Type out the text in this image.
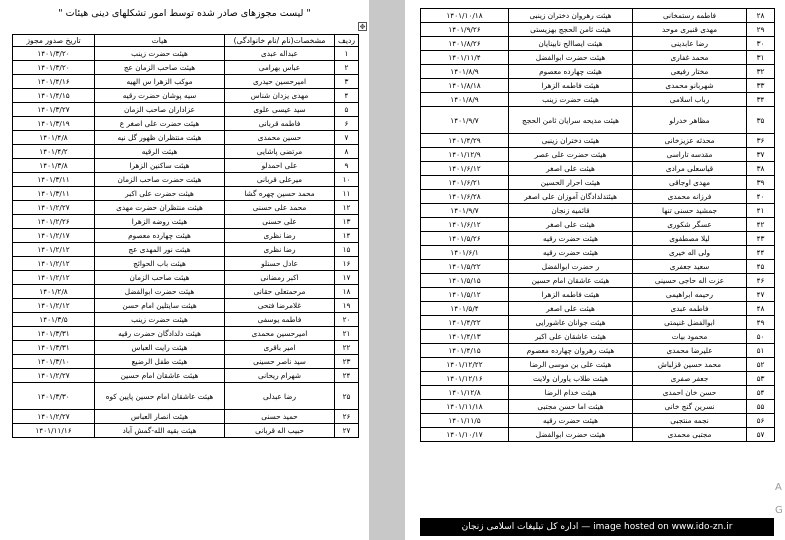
" لیست مجوزهای صادر شده توسط امور تشکلهای دینی هیئات "
✥
ردیف	مشخصات(نام /نام خانوادگی)	هیات	تاریخ صدور مجوز
۱	عبداله عبدی	هیئت حضرت زینب	۱۴۰۱/۳/۲۰
۲	عباس بهرامی	هیئت صاحب الزمان عج	۱۴۰۱/۳/۲۰
۳	امیرحسین حیدری	موکب الزهرا س الهیه	۱۴۰۱/۴/۱۶
۴	مهدی یزدان شناس	سیه پوشان حضرت رقیه	۱۴۰۱/۴/۱۵
۵	سید عیسی علوی	عزاداران صاحب الزمان	۱۴۰۱/۳/۲۷
۶	فاطمه قربانی	هیئت حضرت علی اصغر ع	۱۴۰۱/۳/۱۹
۷	حسین محمدی	هیئت منتظران ظهور گل نیه	۱۴۰۱/۴/۸
۸	مرتضی پاشایی	هیئت الرقیه	۱۴۰۱/۴/۲
۹	علی احمدلو	هیئت ساکنین الزهرا	۱۴۰۱/۳/۸
۱۰	میرعلی قربانی	هیئت حضرت صاحب الزمان	۱۴۰۱/۳/۱۱
۱۱	محمد حسین چهره گشا	هیئت حضرت علی اکبر	۱۴۰۱/۳/۱۱
۱۲	محمد علی حسنی	هیئت منتظران حضرت مهدی	۱۴۰۱/۲/۲۷
۱۳	علی حسنی	هیئت روضه الزهرا	۱۴۰۱/۲/۲۶
۱۴	رضا نظری	هیئت چهارده معصوم	۱۴۰۱/۲/۱۷
۱۵	رضا نظری	هیئت نور المهدی عج	۱۴۰۱/۲/۱۲
۱۶	عادل حسنلو	هیئت باب الحوائج	۱۴۰۱/۲/۱۲
۱۷	اکبر رمضانی	هیئت صاحب الزمان	۱۴۰۱/۲/۱۲
۱۸	مرحمتعلی حقانی	هیئت حضرت ابوالفضل	۱۴۰۱/۲/۸
۱۹	غلامرضا فتحی	هیئت سایتلین امام حسن	۱۴۰۱/۲/۱۲
۲۰	فاطمه یوسفی	هیئت حضرت زینب	۱۴۰۱/۳/۵
۲۱	امیرحسین محمدی	هیئت دلدادگان حضرت رقیه	۱۴۰۱/۳/۳۱
۲۲	امیر باقری	هیئت رایت العباس	۱۴۰۱/۳/۳۱
۲۳	سید ناصر حسینی	هیئت طفل الرضیع	۱۴۰۱/۳/۱۰
۲۴	شهرام ریحانی	هیئت عاشقان امام حسین	۱۴۰۱/۲/۲۷
۲۵	رضا عبدلی	هیئت عاشقان امام حسین پایین کوه	۱۴۰۱/۳/۳۰
۲۶	حمید حسنی	هیئت انصار العباس	۱۴۰۱/۲/۲۷
۲۷	حبیب اله قربانی	هیئت بقیه الله-گمش آباد	۱۴۰۱/۱۱/۱۶
۲۸	فاطمه رستمخانی	هیئت رهروان دختران زینبی	۱۴۰۱/۱۰/۱۸
۲۹	مهدی قنبری موحد	هیئت ثامن الحجج بهزیستی	۱۴۰۱/۹/۲۶
۳۰	رضا عابدینی	هیئت ایصاالح نابینایان	۱۴۰۱/۸/۲۶
۳۱	محمد غفاری	هیئت حضرت ابوالفضل	۱۴۰۱/۱۱/۴
۳۲	مختار رفیعی	هیئت چهارده معصوم	۱۴۰۱/۸/۹
۳۳	شهربانو محمدی	هیئت فاطمه الزهرا	۱۴۰۱/۸/۱۸
۳۴	رباب اسلامی	هیئت حضرت زینب	۱۴۰۱/۸/۹
۳۵	مظاهر خدرلو	هیئت مدیحه سرایان ثامن الحجج	۱۴۰۱/۹/۷
۳۶	محدثه عزیزخانی	هیئت دختران زینبی	۱۴۰۱/۴/۲۹
۳۷	مقدسه تاراسی	هیئت حضرت علی عصر	۱۴۰۱/۱۲/۹
۳۸	قیاسعلی مرادی	هیئت علی اصغر	۱۴۰۱/۶/۱۲
۳۹	مهدی اوجاقی	هیئت احرار الحسین	۱۴۰۱/۶/۲۱
۴۰	فرزانه محمدی	هیئتدلدادگان آموزان علی اصغر	۱۴۰۱/۶/۲۸
۴۱	جمشید حسنی تنها	قائمیه زنجان	۱۴۰۱/۹/۷
۴۲	عسگر شکوری	هیئت علی اصغر	۱۴۰۱/۶/۱۲
۴۳	لیلا مصطفوی	هیئت حضرت رقیه	۱۴۰۱/۵/۲۶
۴۴	ولی اله خیری	هیئت حضرت رقیه	۱۴۰۱/۶/۱
۴۵	سعید جعفری	ر حضرت ابوالفضل	۱۴۰۱/۵/۲۲
۴۶	عزت اله حاجی حسینی	هیئت عاشقان امام حسین	۱۴۰۱/۵/۱۵
۴۷	رحیمه ابراهیمی	هیئت فاطمه الزهرا	۱۴۰۱/۵/۱۲
۴۸	فاطمه عبدی	هیئت علی اصغر	۱۴۰۱/۵/۴
۴۹	ابوالفضل غنیمتی	هیئت جوانان عاشورایی	۱۴۰۱/۴/۲۲
۵۰	محمود بیات	هیئت عاشقان علی اکبر	۱۴۰۱/۴/۱۳
۵۱	علیرضا محمدی	هیئت رهروان چهارده معصوم	۱۴۰۱/۴/۱۵
۵۲	محمد حسین قزلباش	هیئت علی بن موسی الرضا	۱۴۰۱/۱۲/۲۲
۵۳	جعفر صفری	هیئت طلاب یاوران ولایت	۱۴۰۱/۱۲/۱۶
۵۴	حسن خان احمدی	هیئت خدام الرضا	۱۴۰۱/۱۲/۸
۵۵	نسرین گنج خانی	هیئت اما حسن مجتبی	۱۴۰۱/۱۱/۱۸
۵۶	نجمه منتجبی	هیئت حضرت رقیه	۱۴۰۱/۱۱/۵
۵۷	مجتبی محمدی	هیئت حضرت ابوالفضل	۱۴۰۱/۱۰/۱۷
image hosted on www.ido-zn.ir — اداره کل تبلیغات اسلامی زنجان
A
G
